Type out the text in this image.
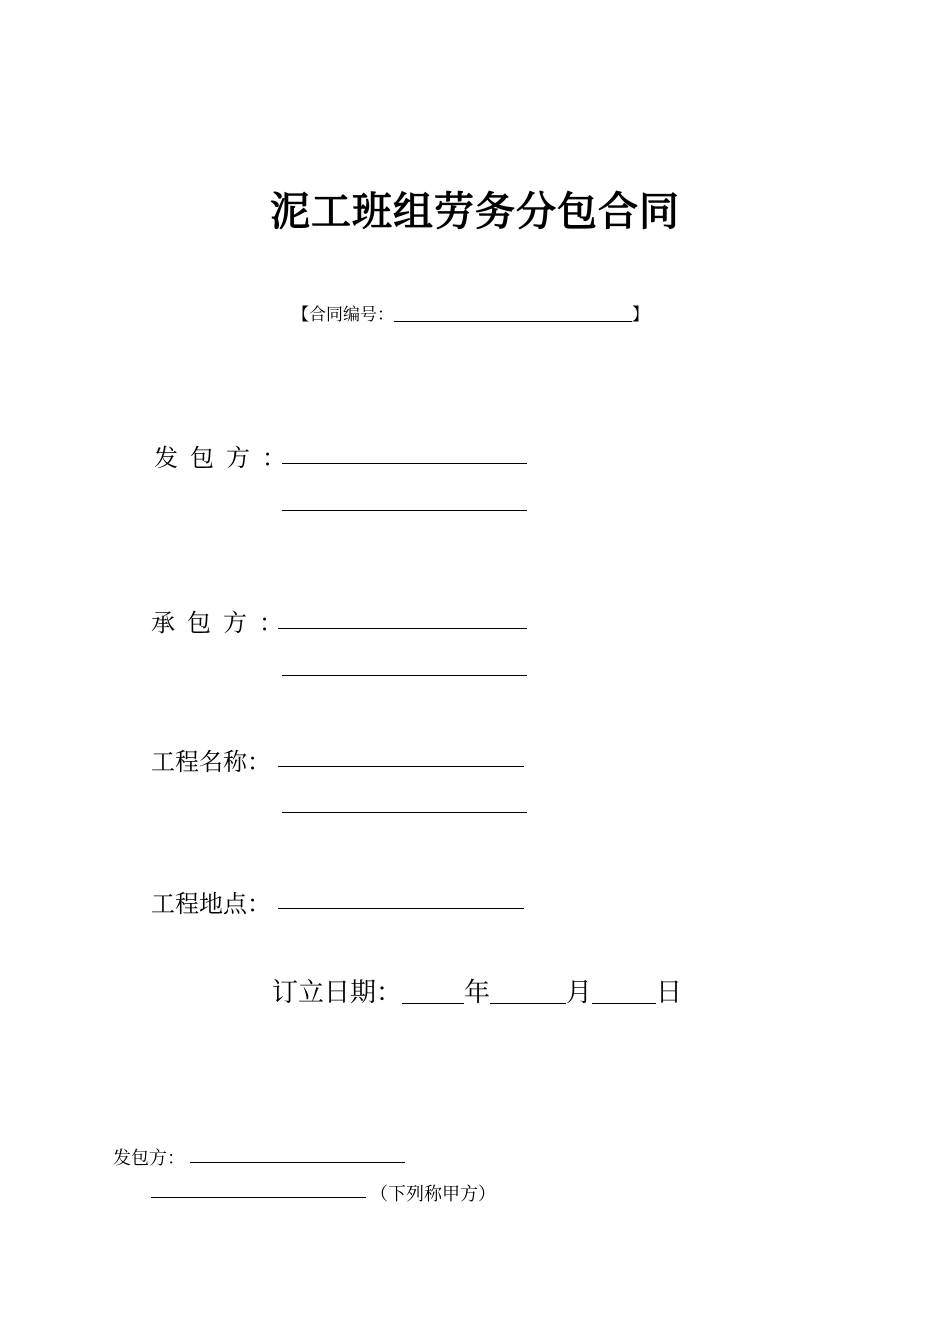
泥工班组劳务分包合同
【合同编号：	】
发包方：
承包方：
工程名称：
工程地点：
订立日期： 年	月 日
发包方：
（下列称甲方）
